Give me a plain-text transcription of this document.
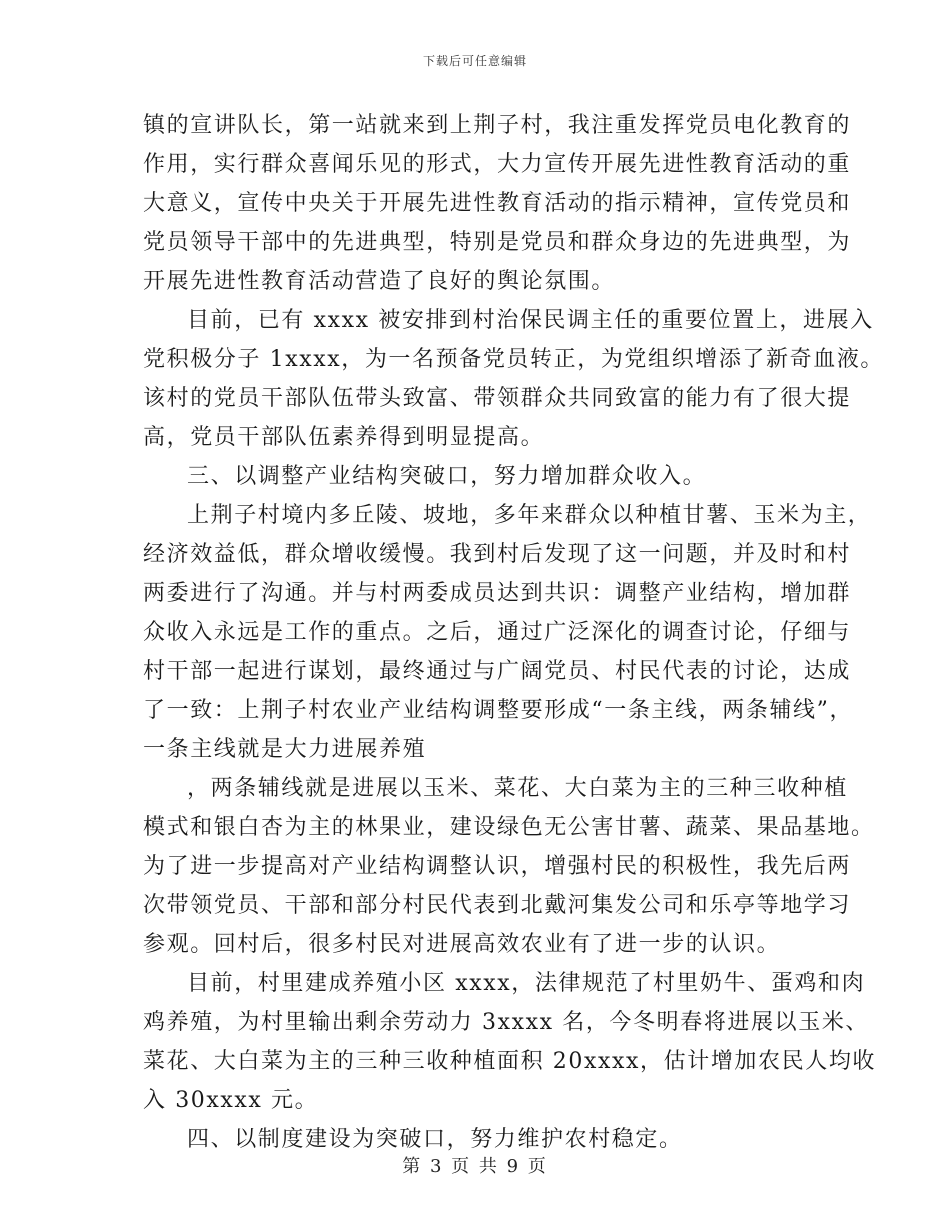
下载后可任意编辑
镇的宣讲队长，第一站就来到上荆子村，我注重发挥党员电化教育的
作用，实行群众喜闻乐见的形式，大力宣传开展先进性教育活动的重
大意义，宣传中央关于开展先进性教育活动的指示精神，宣传党员和
党员领导干部中的先进典型，特别是党员和群众身边的先进典型，为
开展先进性教育活动营造了良好的舆论氛围。
目前，已有 xxxx 被安排到村治保民调主任的重要位置上，进展入
党积极分子 1xxxx，为一名预备党员转正，为党组织增添了新奇血液。
该村的党员干部队伍带头致富、带领群众共同致富的能力有了很大提
高，党员干部队伍素养得到明显提高。
三、以调整产业结构突破口，努力增加群众收入。
上荆子村境内多丘陵、坡地，多年来群众以种植甘薯、玉米为主，
经济效益低，群众增收缓慢。我到村后发现了这一问题，并及时和村
两委进行了沟通。并与村两委成员达到共识：调整产业结构，增加群
众收入永远是工作的重点。之后，通过广泛深化的调查讨论，仔细与
村干部一起进行谋划，最终通过与广阔党员、村民代表的讨论，达成
了一致：上荆子村农业产业结构调整要形成“一条主线，两条辅线”，
一条主线就是大力进展养殖
，两条辅线就是进展以玉米、菜花、大白菜为主的三种三收种植
模式和银白杏为主的林果业，建设绿色无公害甘薯、蔬菜、果品基地。
为了进一步提高对产业结构调整认识，增强村民的积极性，我先后两
次带领党员、干部和部分村民代表到北戴河集发公司和乐亭等地学习
参观。回村后，很多村民对进展高效农业有了进一步的认识。
目前，村里建成养殖小区 xxxx，法律规范了村里奶牛、蛋鸡和肉
鸡养殖，为村里输出剩余劳动力 3xxxx 名，今冬明春将进展以玉米、
菜花、大白菜为主的三种三收种植面积 20xxxx，估计增加农民人均收
入 30xxxx 元。
四、以制度建设为突破口，努力维护农村稳定。
第 3 页 共 9 页
